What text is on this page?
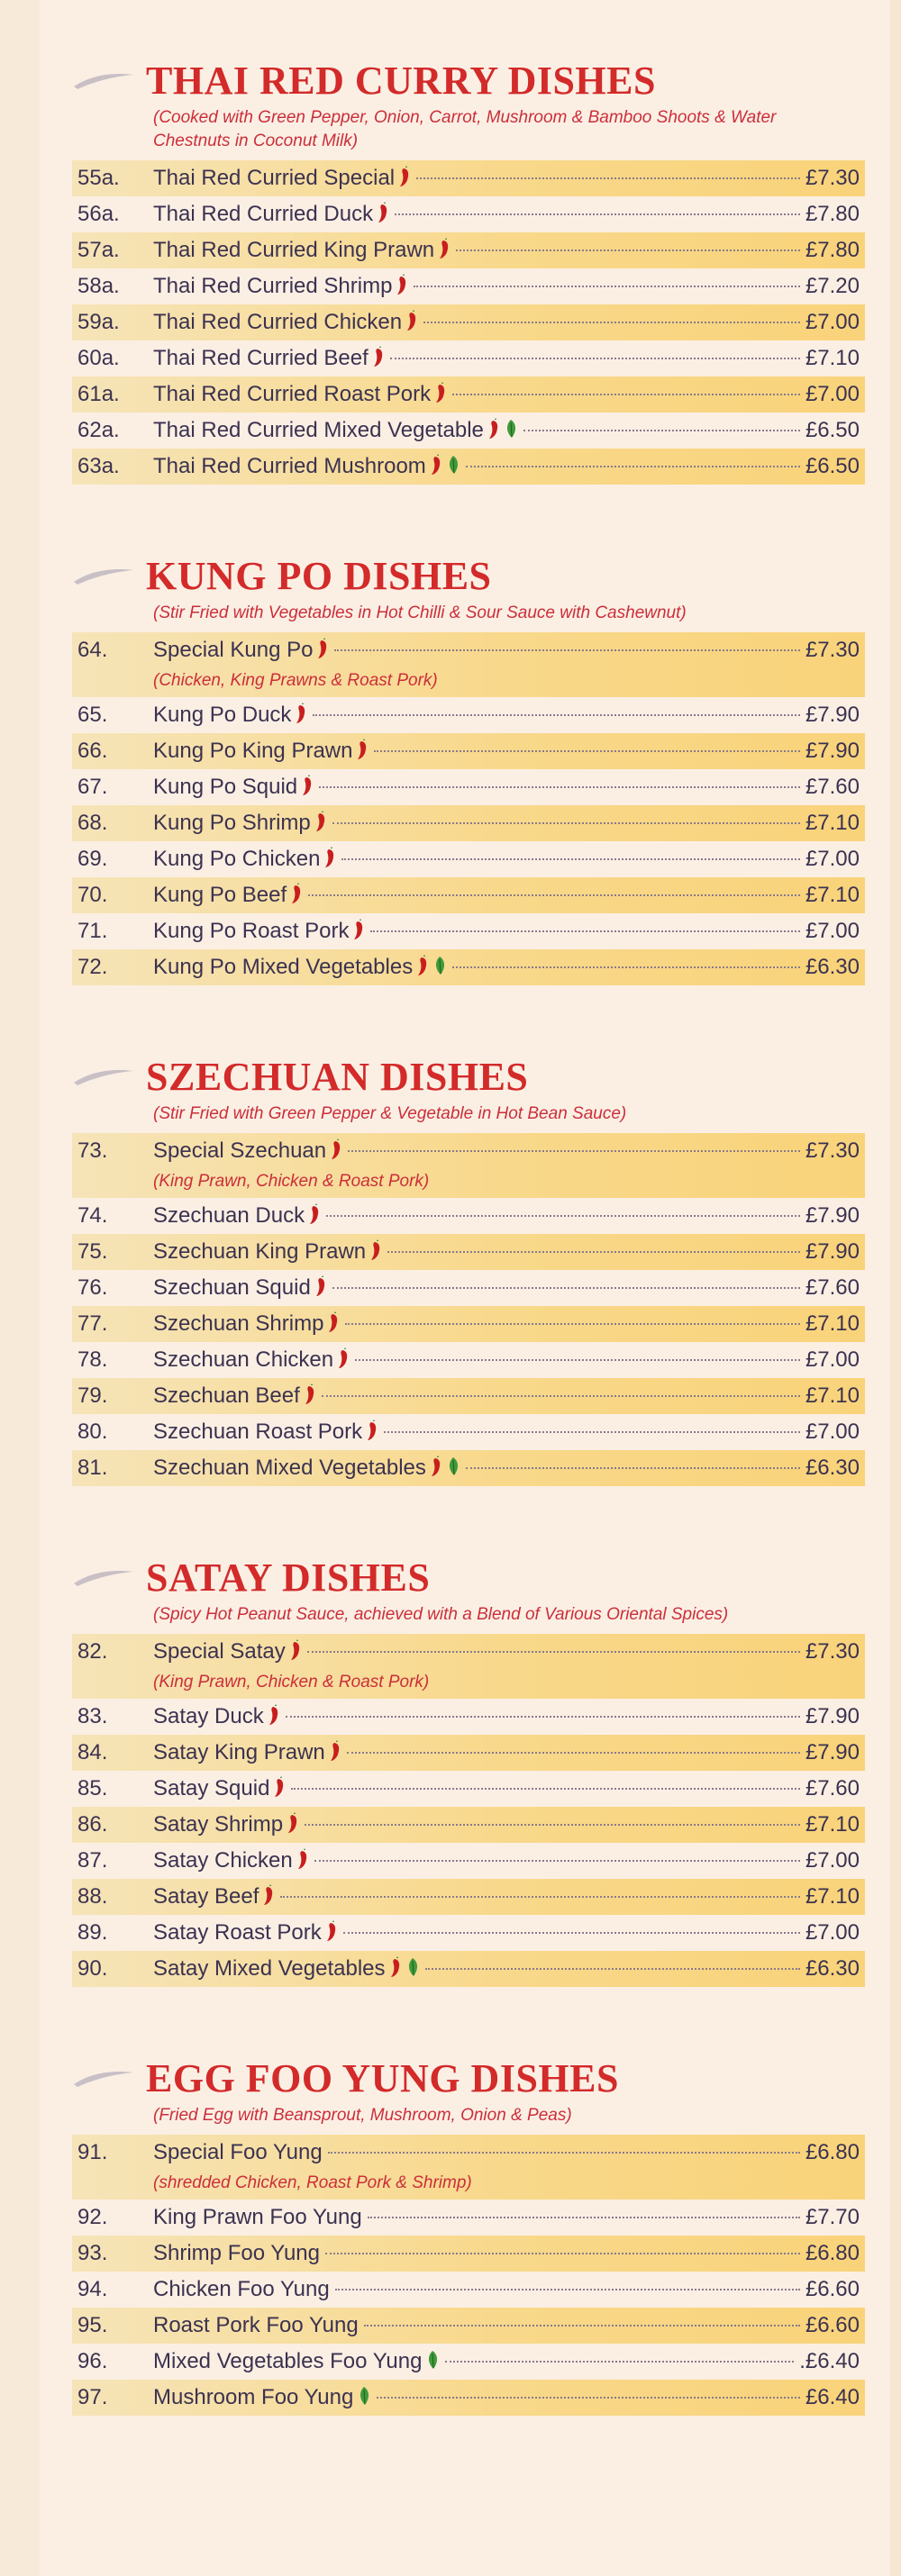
THAI RED CURRY DISHES
(Cooked with Green Pepper, Onion, Carrot, Mushroom & Bamboo Shoots & Water Chestnuts in Coconut Milk)
55a.	Thai Red Curried Special	£7.30
56a.	Thai Red Curried Duck	£7.80
57a.	Thai Red Curried King Prawn	£7.80
58a.	Thai Red Curried Shrimp	£7.20
59a.	Thai Red Curried Chicken	£7.00
60a.	Thai Red Curried Beef	£7.10
61a.	Thai Red Curried Roast Pork	£7.00
62a.	Thai Red Curried Mixed Vegetable	£6.50
63a.	Thai Red Curried Mushroom	£6.50
KUNG PO DISHES
(Stir Fried with Vegetables in Hot Chilli & Sour Sauce with Cashewnut)
64.	Special Kung Po	£7.30
(Chicken, King Prawns & Roast Pork)
65.	Kung Po Duck	£7.90
66.	Kung Po King Prawn	£7.90
67.	Kung Po Squid	£7.60
68.	Kung Po Shrimp	£7.10
69.	Kung Po Chicken	£7.00
70.	Kung Po Beef	£7.10
71.	Kung Po Roast Pork	£7.00
72.	Kung Po Mixed Vegetables	£6.30
SZECHUAN DISHES
(Stir Fried with Green Pepper & Vegetable in Hot Bean Sauce)
73.	Special Szechuan	£7.30
(King Prawn, Chicken & Roast Pork)
74.	Szechuan Duck	£7.90
75.	Szechuan King Prawn	£7.90
76.	Szechuan Squid	£7.60
77.	Szechuan Shrimp	£7.10
78.	Szechuan Chicken	£7.00
79.	Szechuan Beef	£7.10
80.	Szechuan Roast Pork	£7.00
81.	Szechuan Mixed Vegetables	£6.30
SATAY DISHES
(Spicy Hot Peanut Sauce, achieved with a Blend of Various Oriental Spices)
82.	Special Satay	£7.30
(King Prawn, Chicken & Roast Pork)
83.	Satay Duck	£7.90
84.	Satay King Prawn	£7.90
85.	Satay Squid	£7.60
86.	Satay Shrimp	£7.10
87.	Satay Chicken	£7.00
88.	Satay Beef	£7.10
89.	Satay Roast Pork	£7.00
90.	Satay Mixed Vegetables	£6.30
EGG FOO YUNG DISHES
(Fried Egg with Beansprout, Mushroom, Onion & Peas)
91.	Special Foo Yung	£6.80
(shredded Chicken, Roast Pork & Shrimp)
92.	King Prawn Foo Yung	£7.70
93.	Shrimp Foo Yung	£6.80
94.	Chicken Foo Yung	£6.60
95.	Roast Pork Foo Yung	£6.60
96.	Mixed Vegetables Foo Yung	.£6.40
97.	Mushroom Foo Yung	£6.40
